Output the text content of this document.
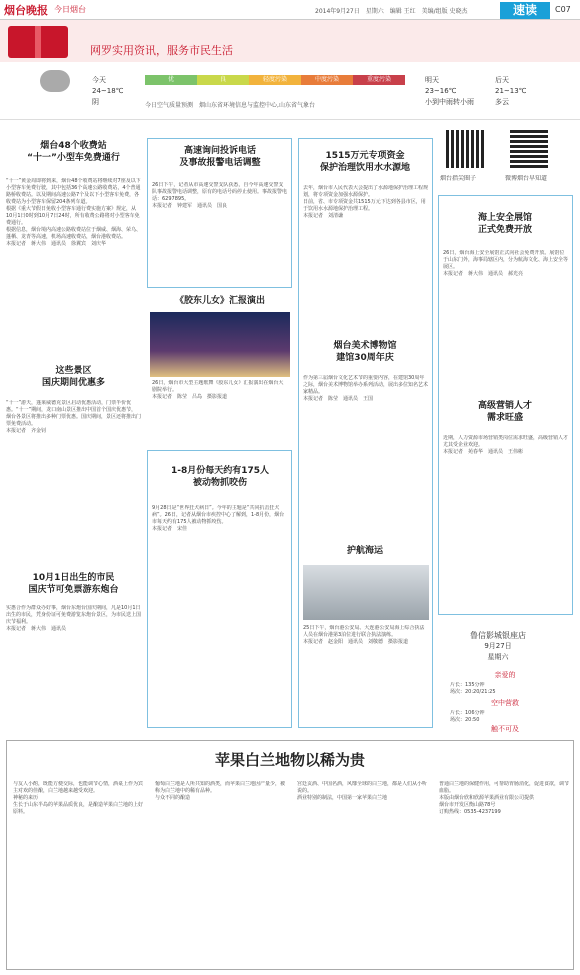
烟台晚报 今日烟台	2014年9月27日　星期六　编辑 王红　美编/组版 史晓杰	速读	C07
网罗实用资讯，服务市民生活
今天
24~18℃
阴
优	良	轻度污染	中度污染	重度污染
今日空气质量预测　 烟山东省环境信息与监控中心,山东省气象台
明天
23~16℃
小到中雨转小雨
后天
21~13℃
多云
烟台48个收费站
“十一”小型车免费通行
“十一”黄金周即将到来，烟台48个收费站将继续对7座及以下小型客车免费行驶，其中包括36个高速公路收费站，4个普通路桥收费站。以及期间高速公路7个及以下小型客车免费，各收费站为小型客车保留204条列车道。
根据《重大节假日免收小型客车通行费实施方案》规定，从10月1日0时到10月7日24时，所有收费公路将对小型客车免费通行。
根据信息，烟台境内高速公路收费站位于烟威、烟海、荣乌、蓬栖、龙青等高速，机场高速收费站，烟台港收费站。
本报记者　蒋大伟　通讯员　徐翼宾　刘庆华
这些景区
国庆期间优惠多
“十一”游天，蓬莱威德克景区启动优惠活动，门票半价优惠。“十一”期间，龙口南山景区推出中国首个国庆优惠节，烟台各景区将推出多种门票优惠。国庆期间，景区还将推出门票免费活动。
本报记者　齐金钊
10月1日出生的市民
国庆节可免票游东炮台
实惠合作为群众办好事，烟台东炮台国庆期间，凡是10月1日出生的市民，凭身份证可免费游览东炮台景区，为市民送上国庆节福利。
本报记者　蒋大伟　通讯员
高速询问投诉电话
及事故报警电话调整
26日下午，记者从市高速交警支队获悉，自今年高速交警支队事故报警电话调整，原有的电话号码停止使用。事故报警电话：6297895。
本报记者　钟建军　通讯员　国良
《胶东儿女》汇报演出
26日，烟台市大型主题歌舞《胶东儿女》汇报演出在烟台大剧院举行。
本报记者　陈莹　吕岛　摄影报道
1-8月份每天约有175人
被动物抓咬伤
9月28日是“世界狂犬病日”。今年的主题是“共同抗击狂犬病”。26日，记者从烟台市疾控中心了解到，1-8月份，烟台市每天约有175人被动物抓咬伤。
本报记者　宋佳
1515万元专项资金
保护治理饮用水水源地
去年，烟台市人民代表大会提出了水源地保护治理工程规划，将专项资金加强水源保护。
日前，省、市专项资金共1515万元下达到各县市区，用于饮用水水源地保护治理工程。
本报记者　刘清谦
烟台美术博物馆
建馆30周年庆
作为第三届烟台文化艺术节的重要内容，在建馆30周年之际，烟台美术博物馆举办系列活动，展出多位知名艺术家精品。
本报记者　陈莹　通讯员　王国
护航海运
25日下午，烟台港公安局、大连港公安局海上综合执法人员在烟台港第3泊位进行联合执法演练。
本报记者　赵金阳　通讯员　刘敬德　摄影报道
烟台指尖圈子	微博烟台早知道
海上安全展馆
正式免费开放
26日，烟台海上安全展馆正式向社会免费开放。展馆位于山东门外，海事局辖区内，分为航海文化、海上安全等展区。
本报记者　蒋大伟　通讯员　郝光亮
高级营销人才
需求旺盛
近期，人力资源市场营销类岗位需求旺盛，高级营销人才尤其受企业欢迎。
本报记者　苑春华　通讯员　王伟彬
鲁信影城银座店
9月27日
星期六
亲爱的
片长：135分钟
场次：20:20/21:25
空中营救
片长：106分钟
场次：20:50
触不可及
苹果白兰地物以稀为贵
与友人小酌，既能方便交际，也能调节心情，酒桌上作为宾主对欢的佳酿，白兰地越来越受欢迎。
神秘的来历
生长于山东半岛的苹果品质优良，是酿造苹果白兰地的上好原料。
葡萄白兰地是人所共知的酒类，而苹果白兰地因产量少，被称为白兰地中的稀有品种。
与众不同的酿造
宫廷贡酒、中国名酒，风靡全球的白兰地，都是人们从小听说的。
酒业特别的制法，中国第一家苹果白兰地
普通白兰地的保健作用，可帮助胃肠消化，促进食欲，调节血脂。
本版由烟台欣和欣源苹果酒业有限公司提供
烟台市开发区衡山路78号
订购热线：0535-4237199
